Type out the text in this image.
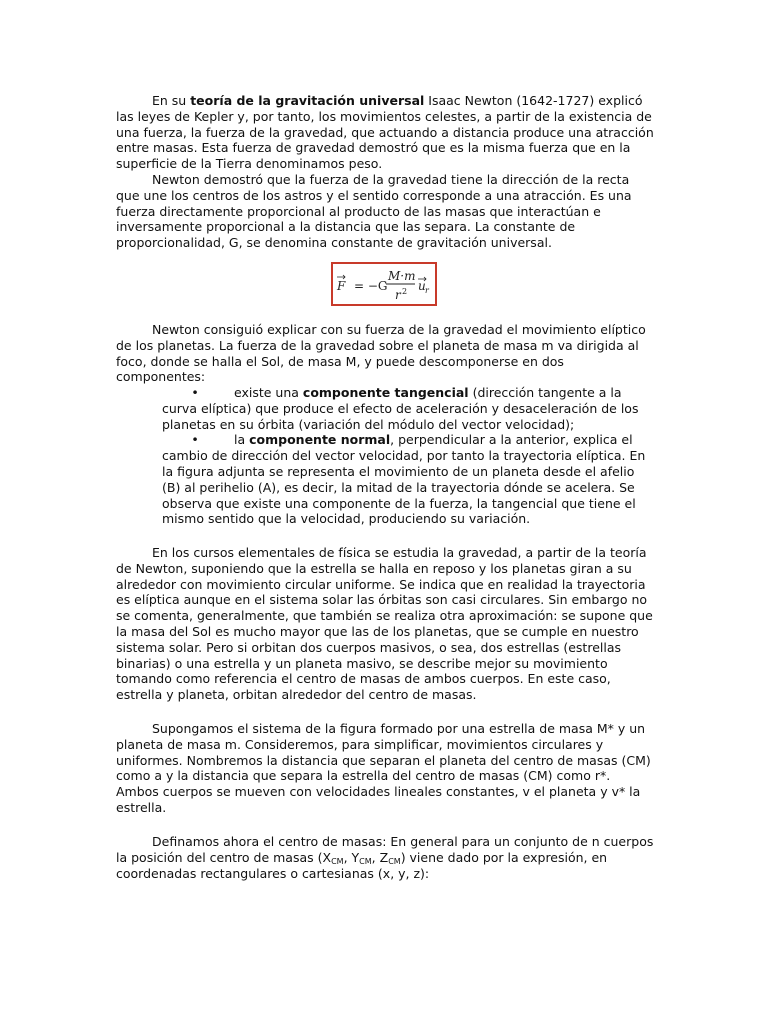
En su teoría de la gravitación universal Isaac Newton (1642-1727) explicó las leyes de Kepler y, por tanto, los movimientos celestes, a partir de la existencia de una fuerza, la fuerza de la gravedad, que actuando a distancia produce una atracción entre masas. Esta fuerza de gravedad demostró que es la misma fuerza que en la superficie de la Tierra denominamos peso.

Newton demostró que la fuerza de la gravedad tiene la dirección de la recta que une los centros de los astros y el sentido corresponde a una atracción. Es una fuerza directamente proporcional al producto de las masas que interactúan e inversamente proporcional a la distancia que las separa. La constante de proporcionalidad, G, se denomina constante de gravitación universal.

F = −G
M·m
r 2 u r

Newton consiguió explicar con su fuerza de la gravedad el movimiento elíptico de los planetas. La fuerza de la gravedad sobre el planeta de masa m va dirigida al foco, donde se halla el Sol, de masa M, y puede descomponerse en dos componentes:

•	existe una componente tangencial (dirección tangente a la curva elíptica) que produce el efecto de aceleración y desaceleración de los planetas en su órbita (variación del módulo del vector velocidad);

•	la componente normal, perpendicular a la anterior, explica el cambio de dirección del vector velocidad, por tanto la trayectoria elíptica. En la figura adjunta se representa el movimiento de un planeta desde el afelio (B) al perihelio (A), es decir, la mitad de la trayectoria dónde se acelera. Se observa que existe una componente de la fuerza, la tangencial que tiene el mismo sentido que la velocidad, produciendo su variación.

En los cursos elementales de física se estudia la gravedad, a partir de la teoría de Newton, suponiendo que la estrella se halla en reposo y los planetas giran a su alrededor con movimiento circular uniforme. Se indica que en realidad la trayectoria es elíptica aunque en el sistema solar las órbitas son casi circulares. Sin embargo no se comenta, generalmente, que también se realiza otra aproximación: se supone que la masa del Sol es mucho mayor que las de los planetas, que se cumple en nuestro sistema solar. Pero si orbitan dos cuerpos masivos, o sea, dos estrellas (estrellas binarias) o una estrella y un planeta masivo, se describe mejor su movimiento tomando como referencia el centro de masas de ambos cuerpos. En este caso, estrella y planeta, orbitan alrededor del centro de masas.

Supongamos el sistema de la figura formado por una estrella de masa M* y un planeta de masa m. Consideremos, para simplificar, movimientos circulares y uniformes. Nombremos la distancia que separan el planeta del centro de masas (CM) como a y la distancia que separa la estrella del centro de masas (CM) como r*. Ambos cuerpos se mueven con velocidades lineales constantes, v el planeta y v* la estrella.

Definamos ahora el centro de masas: En general para un conjunto de n cuerpos la posición del centro de masas ($X_{CM}$, $Y_{CM}$, $Z_{CM}$) viene dado por la expresión, en coordenadas rectangulares o cartesianas (x, y, z):
